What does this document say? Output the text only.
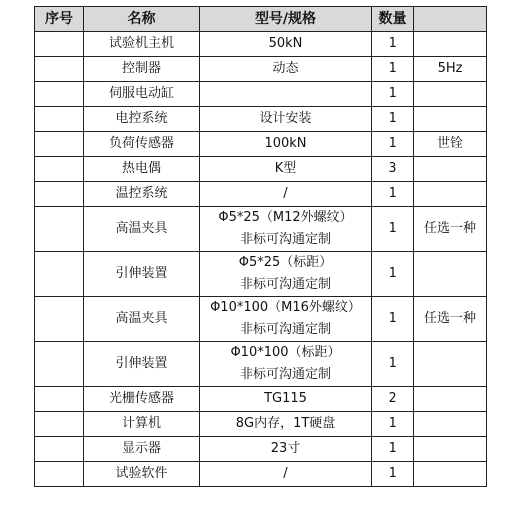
序号	名称	型号/规格	数量	
	试验机主机	50kN	1	
	控制器	动态	1	5Hz
	伺服电动缸		1	
	电控系统	设计安装	1	
	负荷传感器	100kN	1	世铨
	热电偶	K型	3	
	温控系统	/	1	
	高温夹具	Φ5*25（M12外螺纹）
非标可沟通定制	1	任选一种
	引伸装置	Φ5*25（标距）
非标可沟通定制	1	
	高温夹具	Φ10*100（M16外螺纹）
非标可沟通定制	1	任选一种
	引伸装置	Φ10*100（标距）
非标可沟通定制	1	
	光栅传感器	TG115	2	
	计算机	8G内存，1T硬盘	1	
	显示器	23寸	1	
	试验软件	/	1	
